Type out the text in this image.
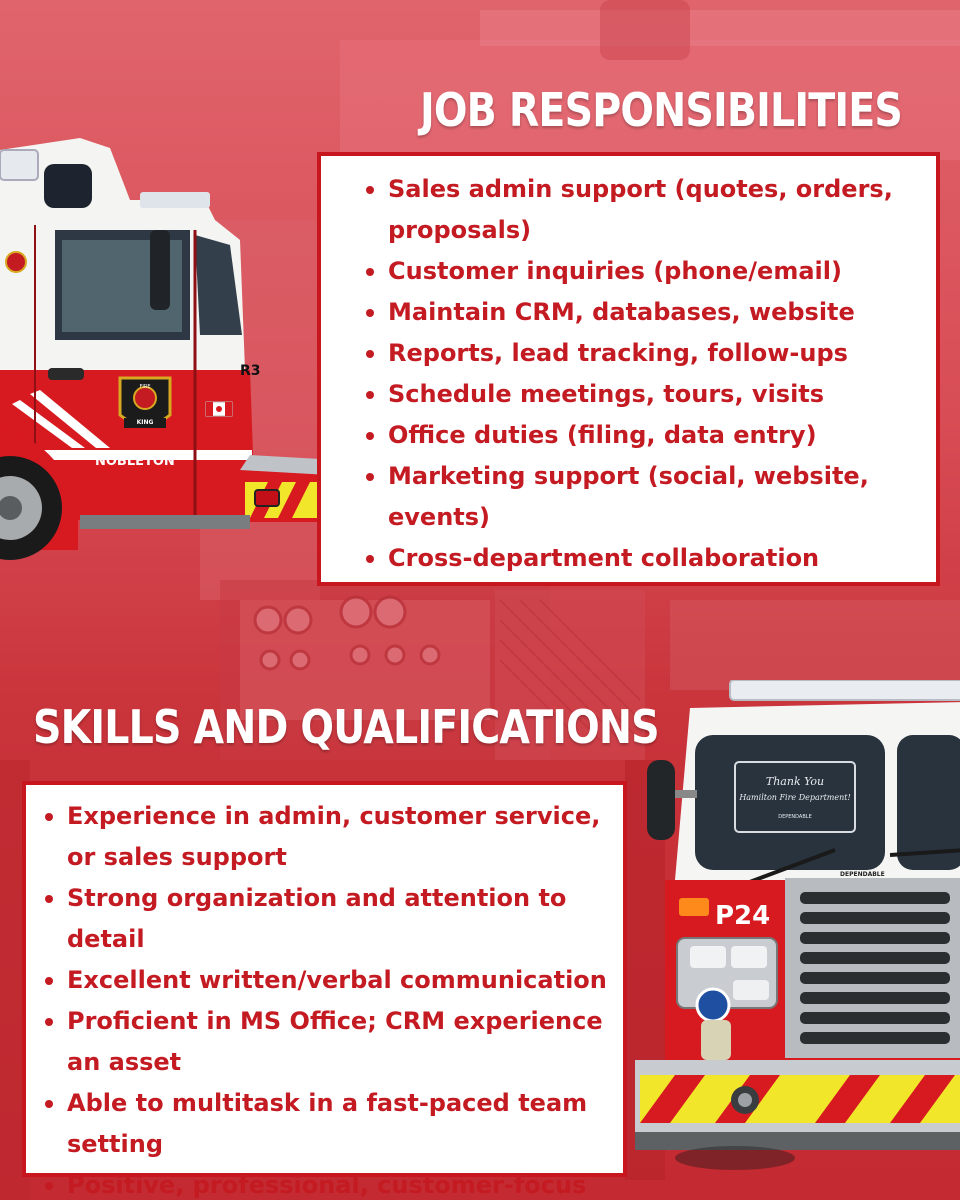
FIRE
KING
R3
NOBLETON
Thank You
Hamilton Fire Department!
DEPENDABLE
P24
DEPENDABLE
JOB RESPONSIBILITIES
Sales admin support (quotes, orders, proposals)
Customer inquiries (phone/email)
Maintain CRM, databases, website
Reports, lead tracking, follow-ups
Schedule meetings, tours, visits
Office duties (filing, data entry)
Marketing support (social, website, events)
Cross-department collaboration
SKILLS AND QUALIFICATIONS
Experience in admin, customer service, or sales support
Strong organization and attention to detail
Excellent written/verbal communication
Proficient in MS Office; CRM experience an asset
Able to multitask in a fast-paced team setting
Positive, professional, customer-focus
